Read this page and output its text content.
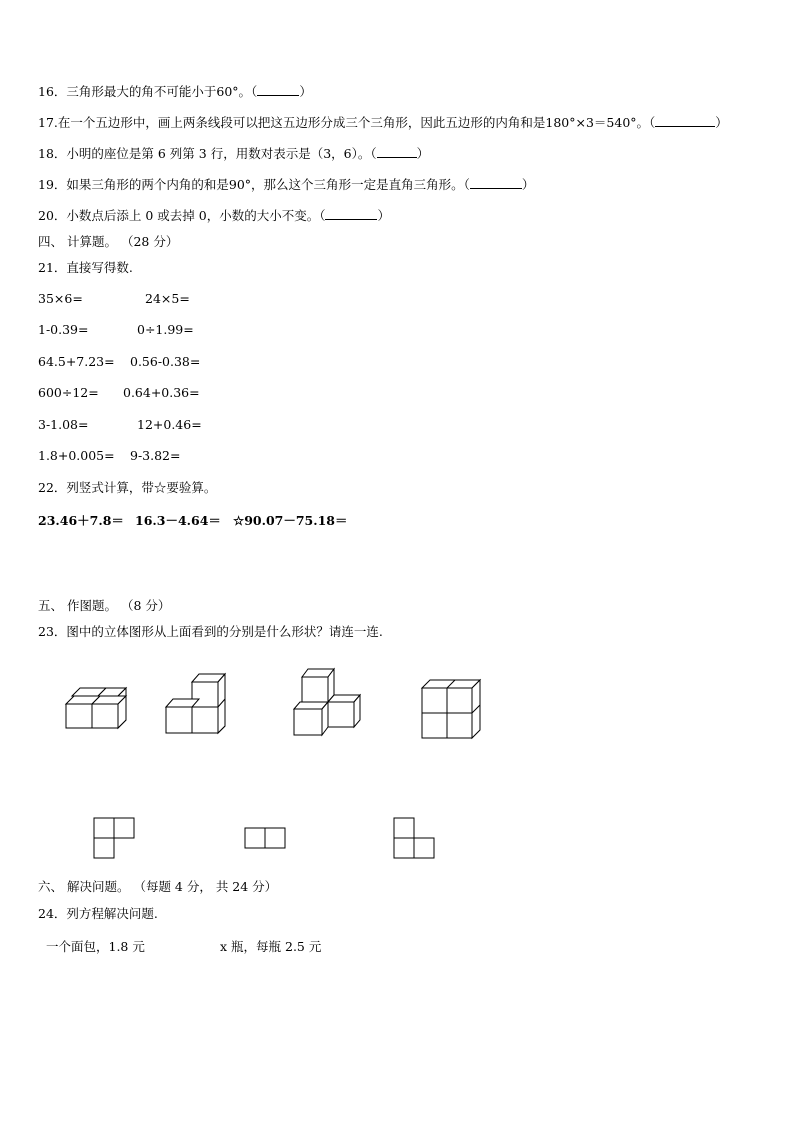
16．三角形最大的角不可能小于60°。（	）
17.在一个五边形中，画上两条线段可以把这五边形分成三个三角形，因此五边形的内角和是180°×3＝540°。（	）
18．小明的座位是第 6 列第 3 行，用数对表示是（3，6）。（	）
19．如果三角形的两个内角的和是90°，那么这个三角形一定是直角三角形。（	）
20．小数点后添上 0 或去掉 0，小数的大小不变。（	）
四、 计算题。 （28 分）
21．直接写得数.
35×6=	24×5=
1-0.39=	0÷1.99=
64.5+7.23= 0.56-0.38=
600÷12= 0.64+0.36=
3-1.08=	12+0.46=
1.8+0.005= 9-3.82=
22．列竖式计算，带☆要验算。
23.46＋7.8＝ 16.3－4.64＝ ☆90.07－75.18＝
五、 作图题。 （8 分）
23．图中的立体图形从上面看到的分别是什么形状？请连一连.
六、 解决问题。 （每题 4 分， 共 24 分）
24．列方程解决问题.
一个面包，1.8 元	x 瓶，每瓶 2.5 元
